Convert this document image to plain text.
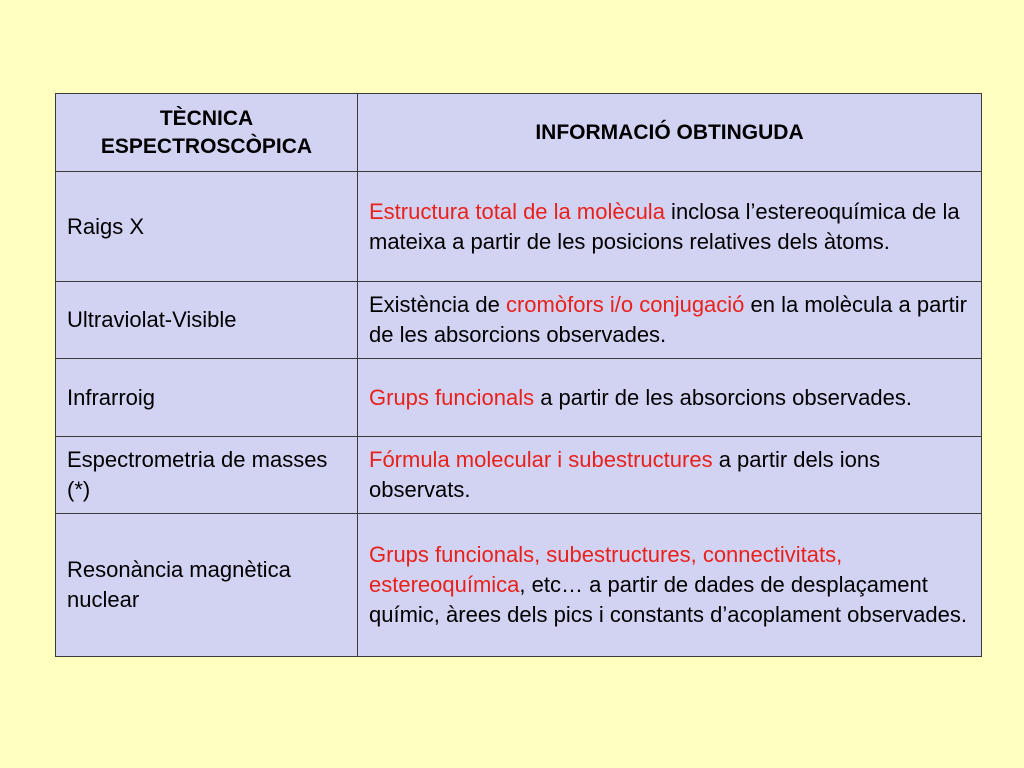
TÈCNICA
ESPECTROSCÒPICA	INFORMACIÓ OBTINGUDA
Raigs X	Estructura total de la molècula inclosa l’estereoquímica de la mateixa a partir de les posicions relatives dels àtoms.
Ultraviolat-Visible	Existència de cromòfors i/o conjugació en la molècula a partir de les absorcions observades.
Infrarroig	Grups funcionals a partir de les absorcions observades.
Espectrometria de masses (*)	Fórmula molecular i subestructures a partir dels ions observats.
Resonància magnètica nuclear	Grups funcionals, subestructures, connectivitats, estereoquímica, etc… a partir de dades de desplaçament químic, àrees dels pics i constants d’acoplament observades.
